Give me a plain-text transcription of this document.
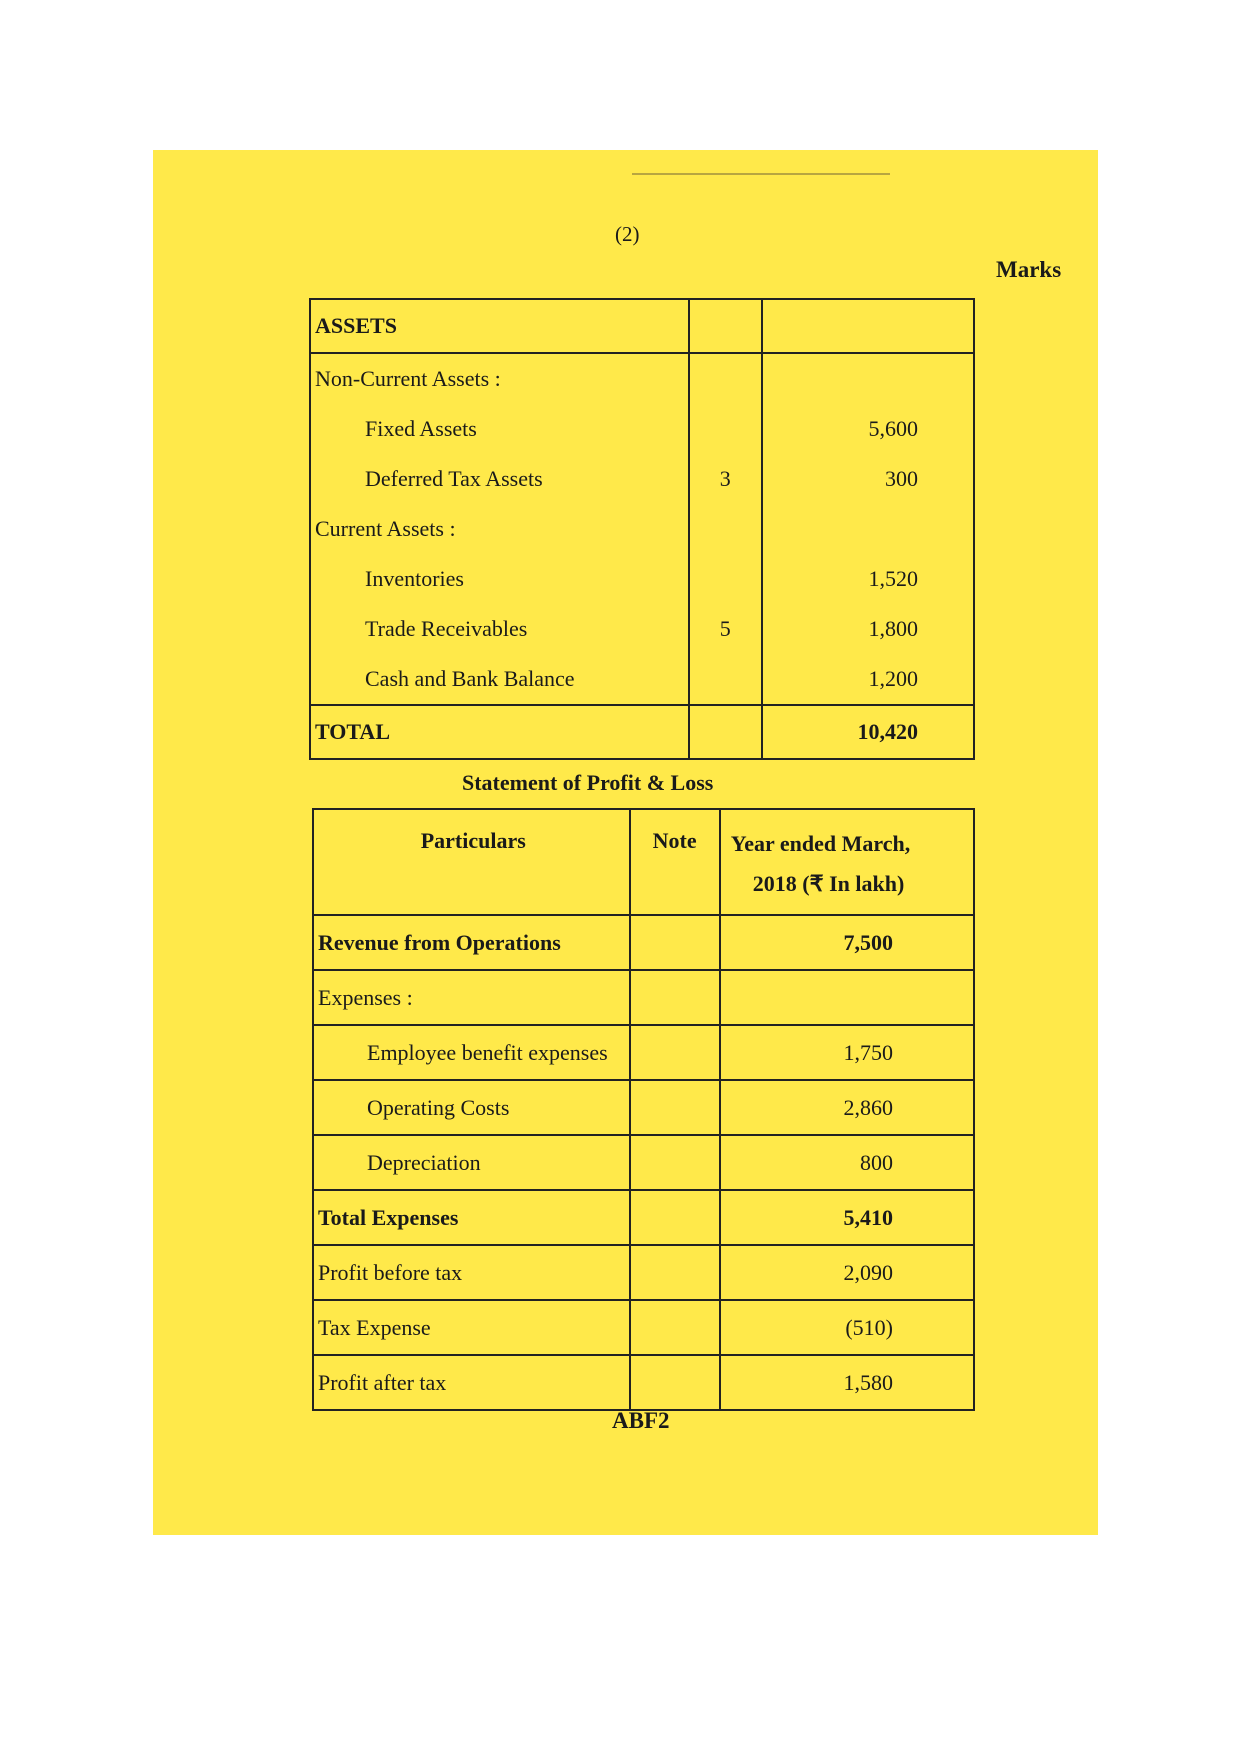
(2)
Marks
ASSETS		
Non-Current Assets :		
Fixed Assets		5,600
Deferred Tax Assets	3	300
Current Assets :		
Inventories		1,520
Trade Receivables	5	1,800
Cash and Bank Balance		1,200
TOTAL		10,420
Statement of Profit & Loss
Particulars	Note	Year ended March,
2018 (₹ In lakh)

Revenue from Operations		7,500
Expenses :		
Employee benefit expenses		1,750
Operating Costs		2,860
Depreciation		800
Total Expenses		5,410
Profit before tax		2,090
Tax Expense		(510)
Profit after tax		1,580
ABF2
